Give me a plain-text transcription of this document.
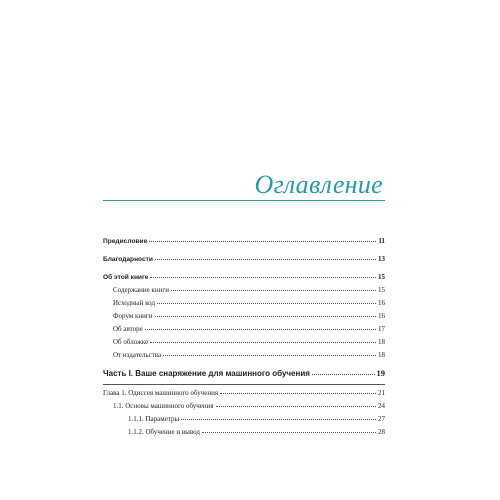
Оглавление
Предисловие	11
Благодарности	13
Об этой книге	15
Содержание книги	15
Исходный код	16
Форум книги	16
Об авторе	17
Об обложке	18
От издательства	18
Часть I. Ваше снаряжение для машинного обучения	19
Глава 1. Одиссея машинного обучения	21
1.1. Основы машинного обучения	24
1.1.1. Параметры	27
1.1.2. Обучение и вывод	28
